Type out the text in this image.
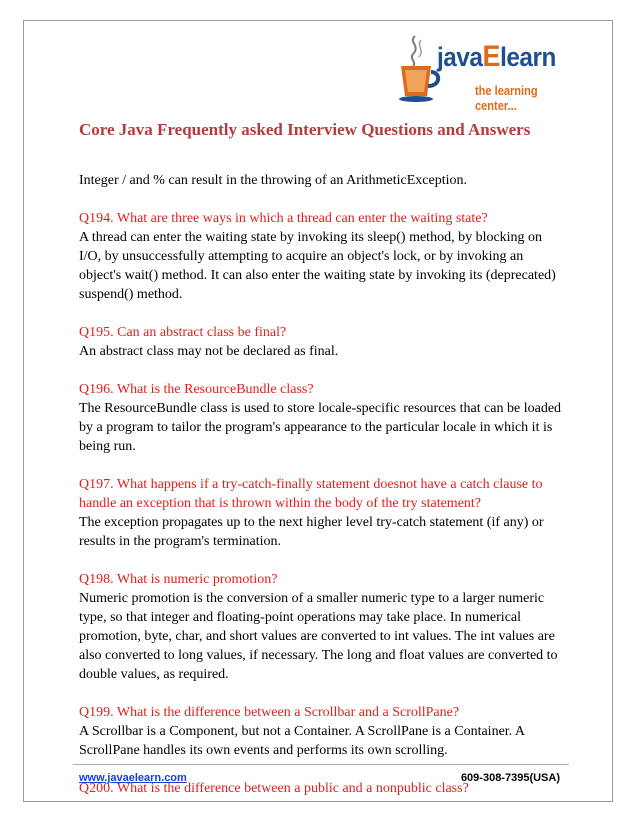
javaElearn
the learning center...
Core Java Frequently asked Interview Questions and Answers

Integer / and % can result in the throwing of an ArithmeticException.

Q194. What are three ways in which a thread can enter the waiting state?

A thread can enter the waiting state by invoking its sleep() method, by blocking on I/O, by unsuccessfully attempting to acquire an object's lock, or by invoking an object's wait() method. It can also enter the waiting state by invoking its (deprecated) suspend() method.

Q195. Can an abstract class be final?

An abstract class may not be declared as final.

Q196. What is the ResourceBundle class?

The ResourceBundle class is used to store locale-specific resources that can be loaded by a program to tailor the program's appearance to the particular locale in which it is being run.

Q197. What happens if a try-catch-finally statement doesnot have a catch clause to handle an exception that is thrown within the body of the try statement?

The exception propagates up to the next higher level try-catch statement (if any) or results in the program's termination.

Q198. What is numeric promotion?

Numeric promotion is the conversion of a smaller numeric type to a larger numeric type, so that integer and floating-point operations may take place. In numerical promotion, byte, char, and short values are converted to int values. The int values are also converted to long values, if necessary. The long and float values are converted to double values, as required.

Q199. What is the difference between a Scrollbar and a ScrollPane?

A Scrollbar is a Component, but not a Container. A ScrollPane is a Container. A ScrollPane handles its own events and performs its own scrolling.

Q200. What is the difference between a public and a nonpublic class?

www.javaelearn.com	609-308-7395(USA)
